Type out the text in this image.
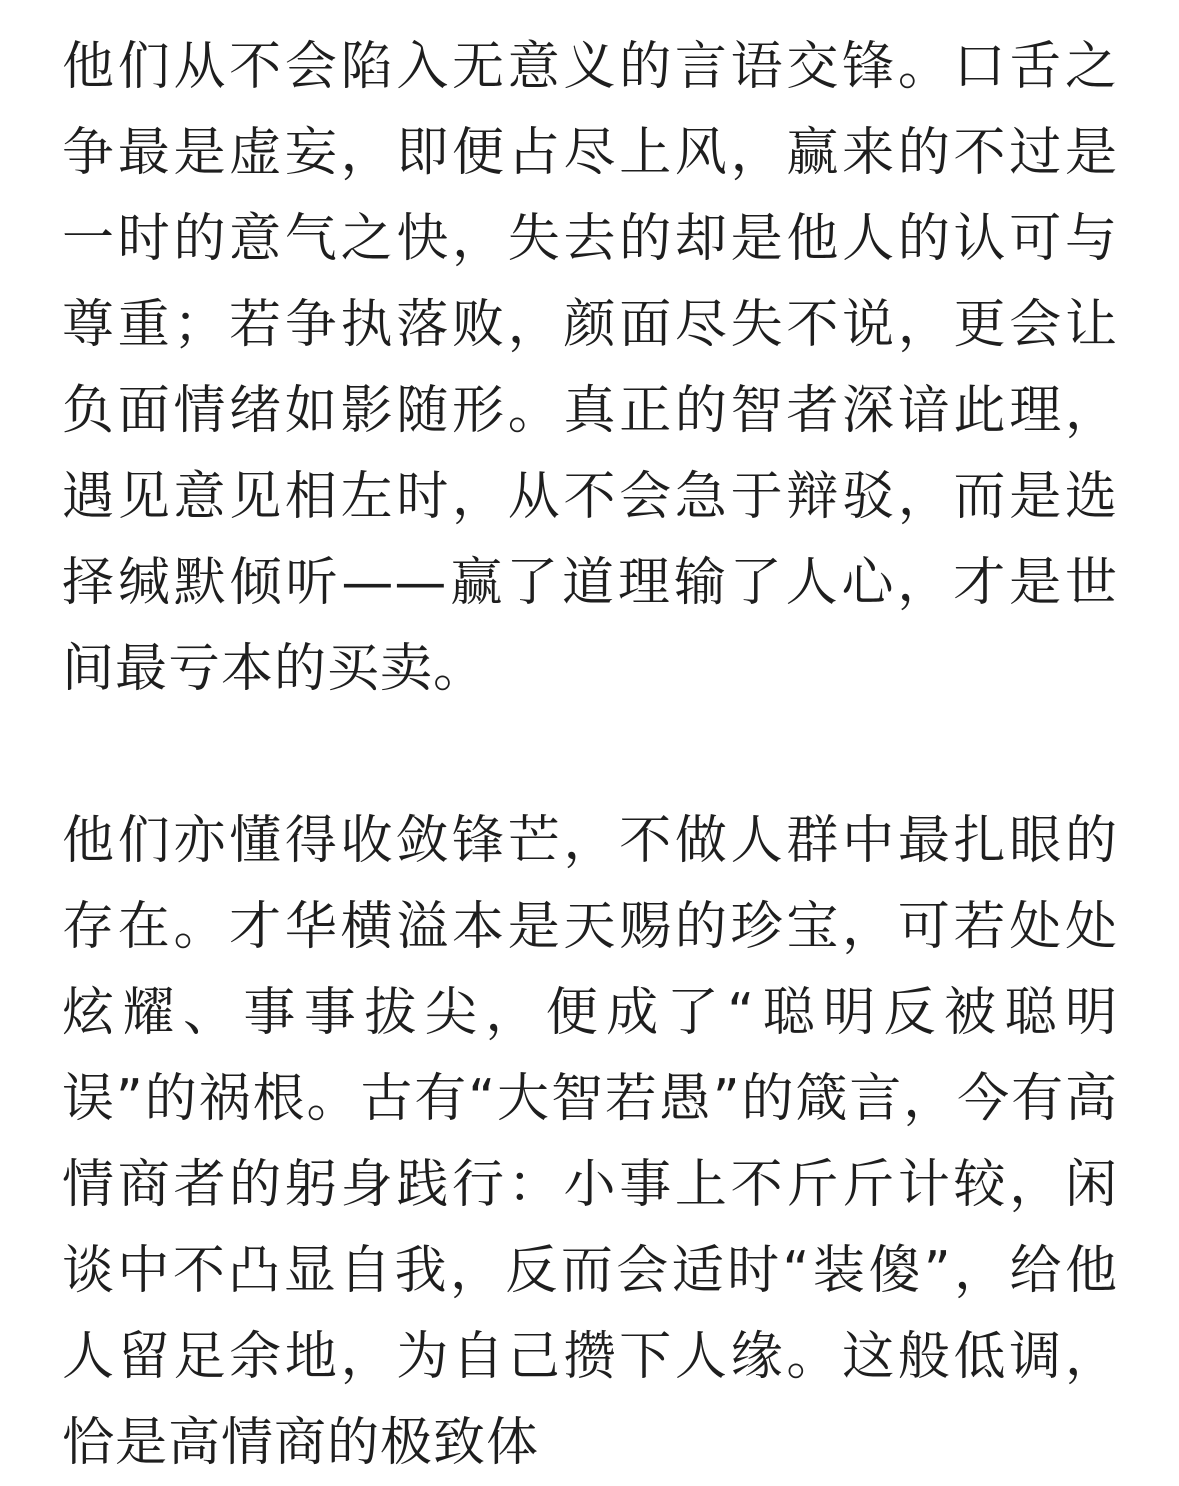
他们从不会陷入无意义的言语交锋。口舌之争最是虚妄，即便占尽上风，赢来的不过是一时的意气之快，失去的却是他人的认可与尊重；若争执落败，颜面尽失不说，更会让负面情绪如影随形。真正的智者深谙此理，遇见意见相左时，从不会急于辩驳，而是选择缄默倾听——赢了道理输了人心，才是世间最亏本的买卖。

他们亦懂得收敛锋芒，不做人群中最扎眼的存在。才华横溢本是天赐的珍宝，可若处处炫耀、事事拔尖，便成了“聪明反被聪明误”的祸根。古有“大智若愚”的箴言，今有高情商者的躬身践行：小事上不斤斤计较，闲谈中不凸显自我，反而会适时“装傻”，给他人留足余地，为自己攒下人缘。这般低调，恰是高情商的极致体
